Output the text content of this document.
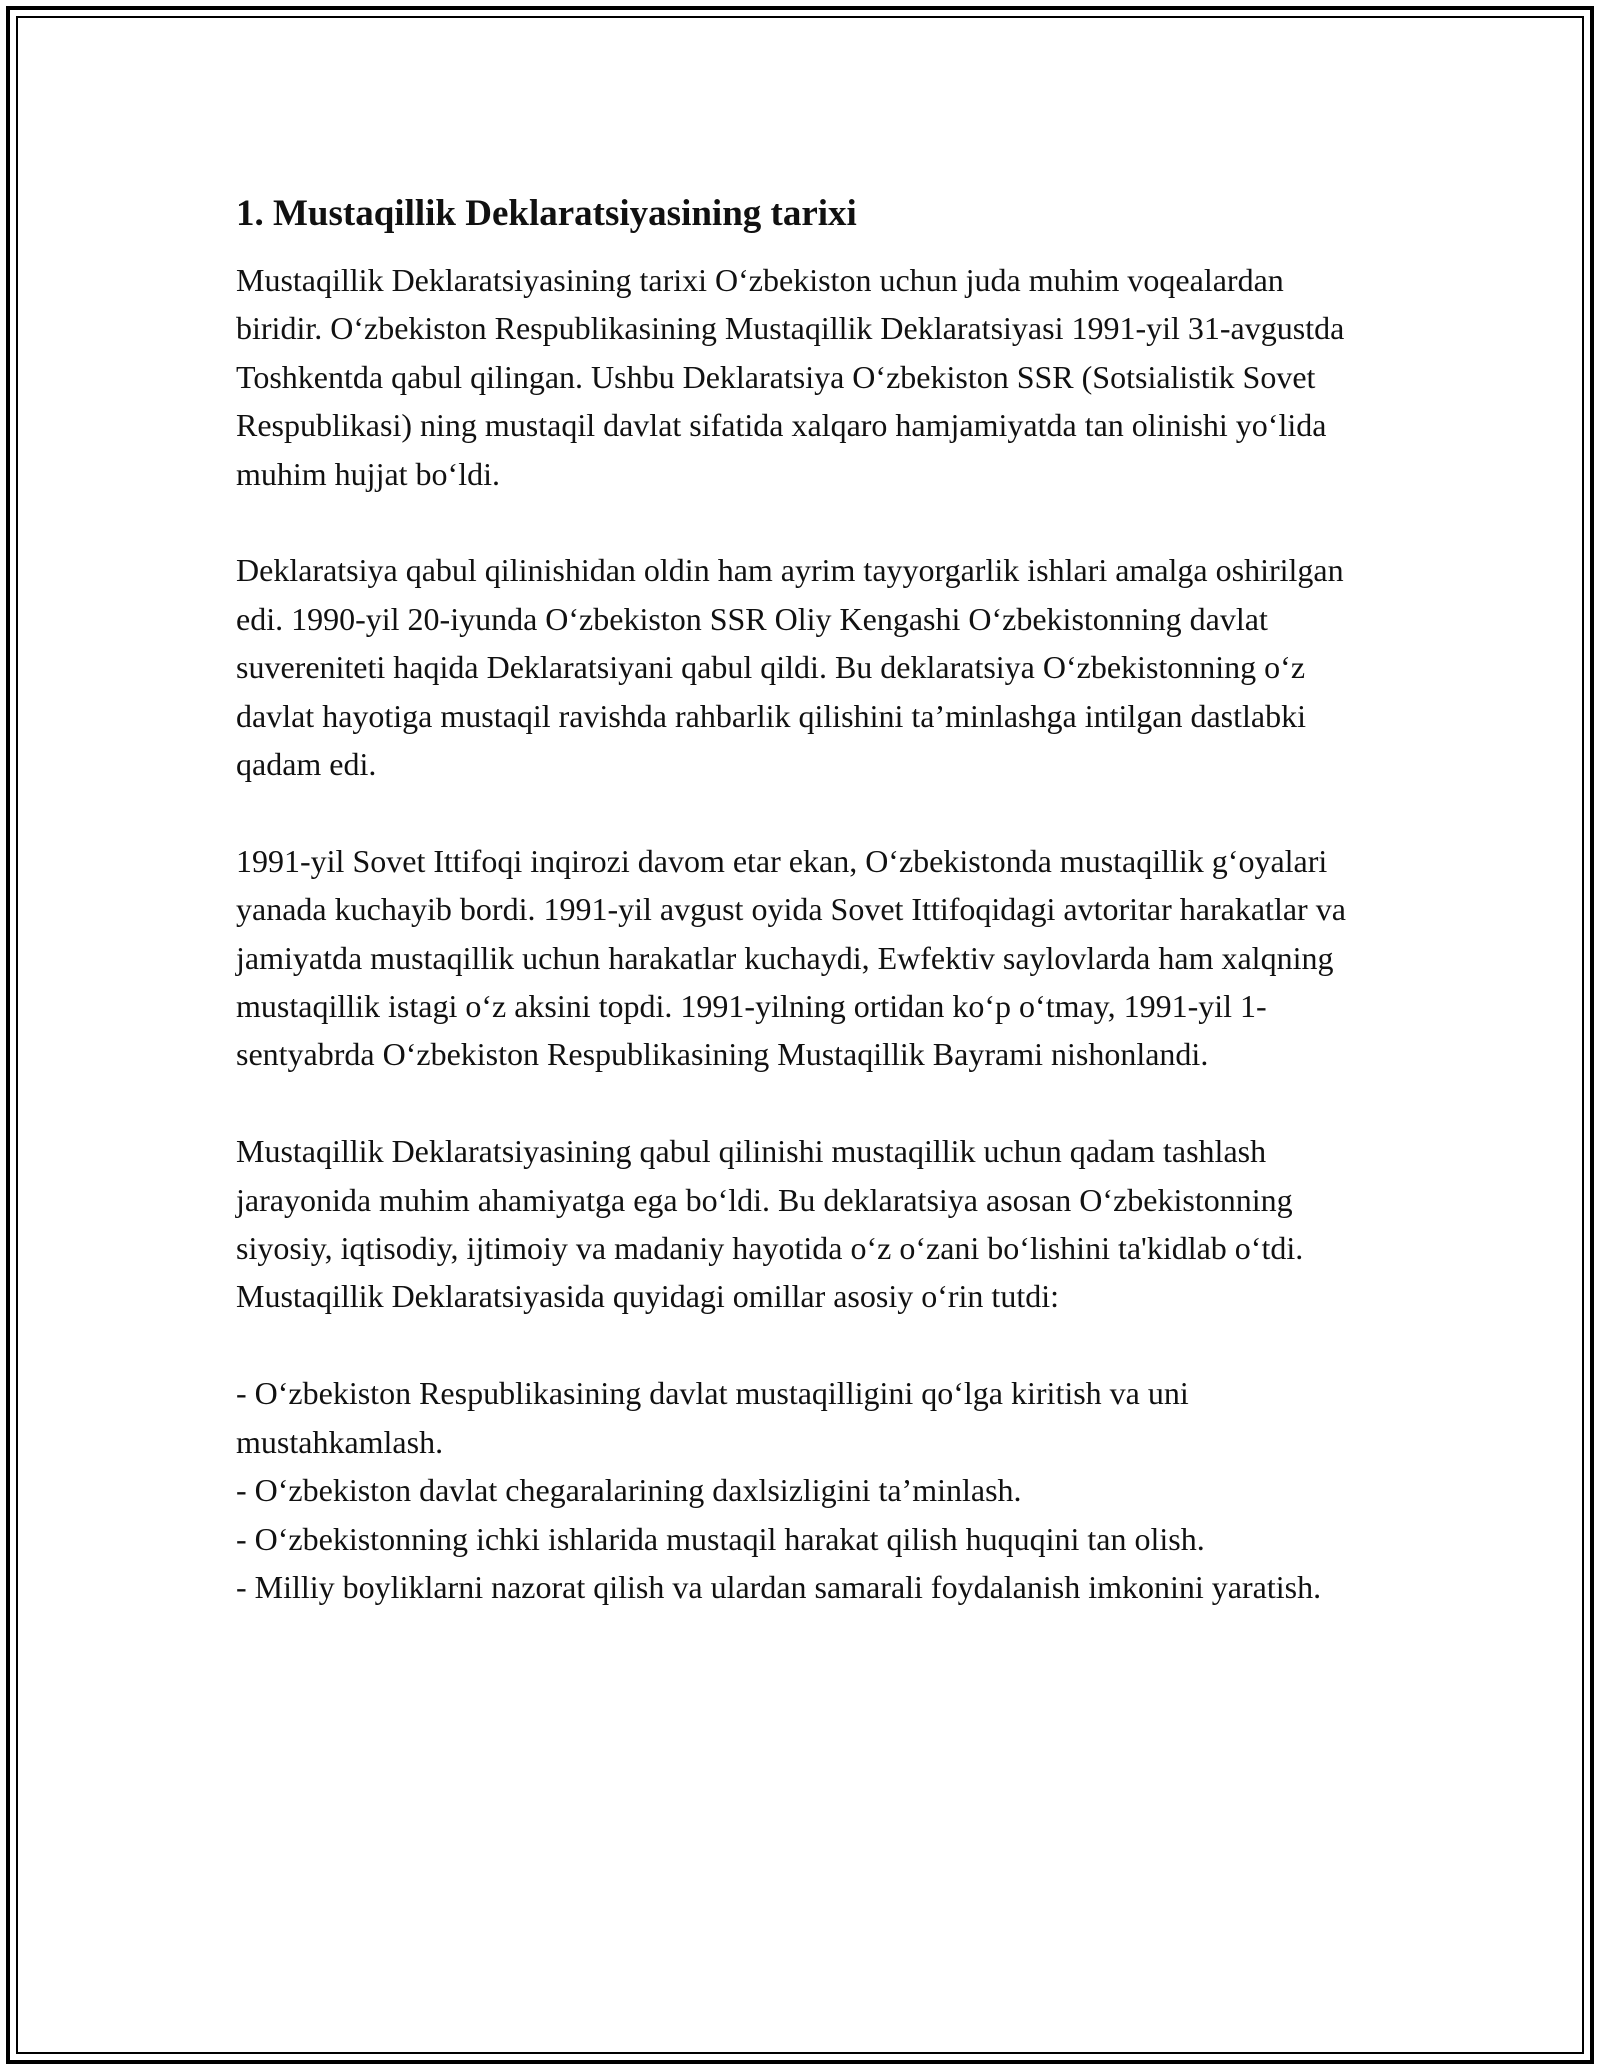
1. Mustaqillik Deklaratsiyasining tarixi

Mustaqillik Deklaratsiyasining tarixi O‘zbekiston uchun juda muhim voqealardan biridir. O‘zbekiston Respublikasining Mustaqillik Deklaratsiyasi 1991-yil 31-avgustda Toshkentda qabul qilingan. Ushbu Deklaratsiya O‘zbekiston SSR (Sotsialistik Sovet Respublikasi) ning mustaqil davlat sifatida xalqaro hamjamiyatda tan olinishi yo‘lida muhim hujjat bo‘ldi.

Deklaratsiya qabul qilinishidan oldin ham ayrim tayyorgarlik ishlari amalga oshirilgan edi. 1990-yil 20-iyunda O‘zbekiston SSR Oliy Kengashi O‘zbekistonning davlat suvereniteti haqida Deklaratsiyani qabul qildi. Bu deklaratsiya O‘zbekistonning o‘z davlat hayotiga mustaqil ravishda rahbarlik qilishini ta’minlashga intilgan dastlabki qadam edi.

1991-yil Sovet Ittifoqi inqirozi davom etar ekan, O‘zbekistonda mustaqillik g‘oyalari yanada kuchayib bordi. 1991-yil avgust oyida Sovet Ittifoqidagi avtoritar harakatlar va jamiyatda mustaqillik uchun harakatlar kuchaydi, Ewfektiv saylovlarda ham xalqning mustaqillik istagi o‘z aksini topdi. 1991-yilning ortidan ko‘p o‘tmay, 1991-yil 1-sentyabrda O‘zbekiston Respublikasining Mustaqillik Bayrami nishonlandi.

Mustaqillik Deklaratsiyasining qabul qilinishi mustaqillik uchun qadam tashlash jarayonida muhim ahamiyatga ega bo‘ldi. Bu deklaratsiya asosan O‘zbekistonning siyosiy, iqtisodiy, ijtimoiy va madaniy hayotida o‘z o‘zani bo‘lishini ta'kidlab o‘tdi. Mustaqillik Deklaratsiyasida quyidagi omillar asosiy o‘rin tutdi:

- O‘zbekiston Respublikasining davlat mustaqilligini qo‘lga kiritish va uni mustahkamlash.
- O‘zbekiston davlat chegaralarining daxlsizligini ta’minlash.
- O‘zbekistonning ichki ishlarida mustaqil harakat qilish huquqini tan olish.
- Milliy boyliklarni nazorat qilish va ulardan samarali foydalanish imkonini yaratish.
